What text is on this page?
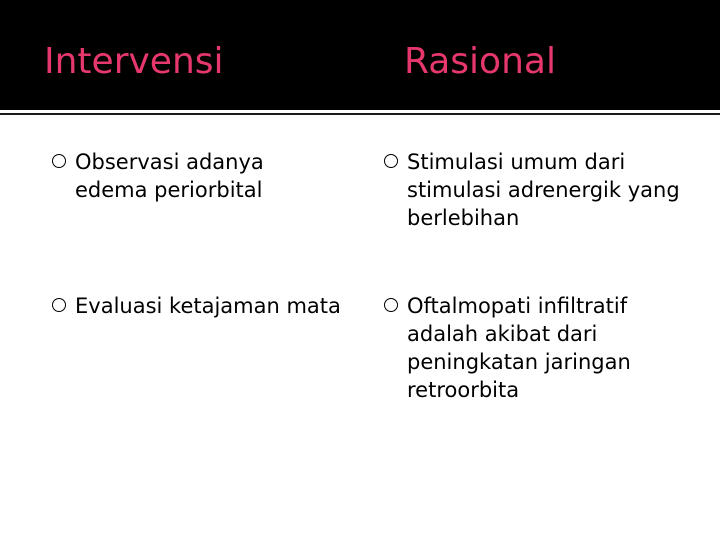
Intervensi	Rasional
Observasi adanya edema periorbital
Evaluasi ketajaman mata
Stimulasi umum dari stimulasi adrenergik yang berlebihan
Oftalmopati infiltratif adalah akibat dari peningkatan jaringan retroorbita
